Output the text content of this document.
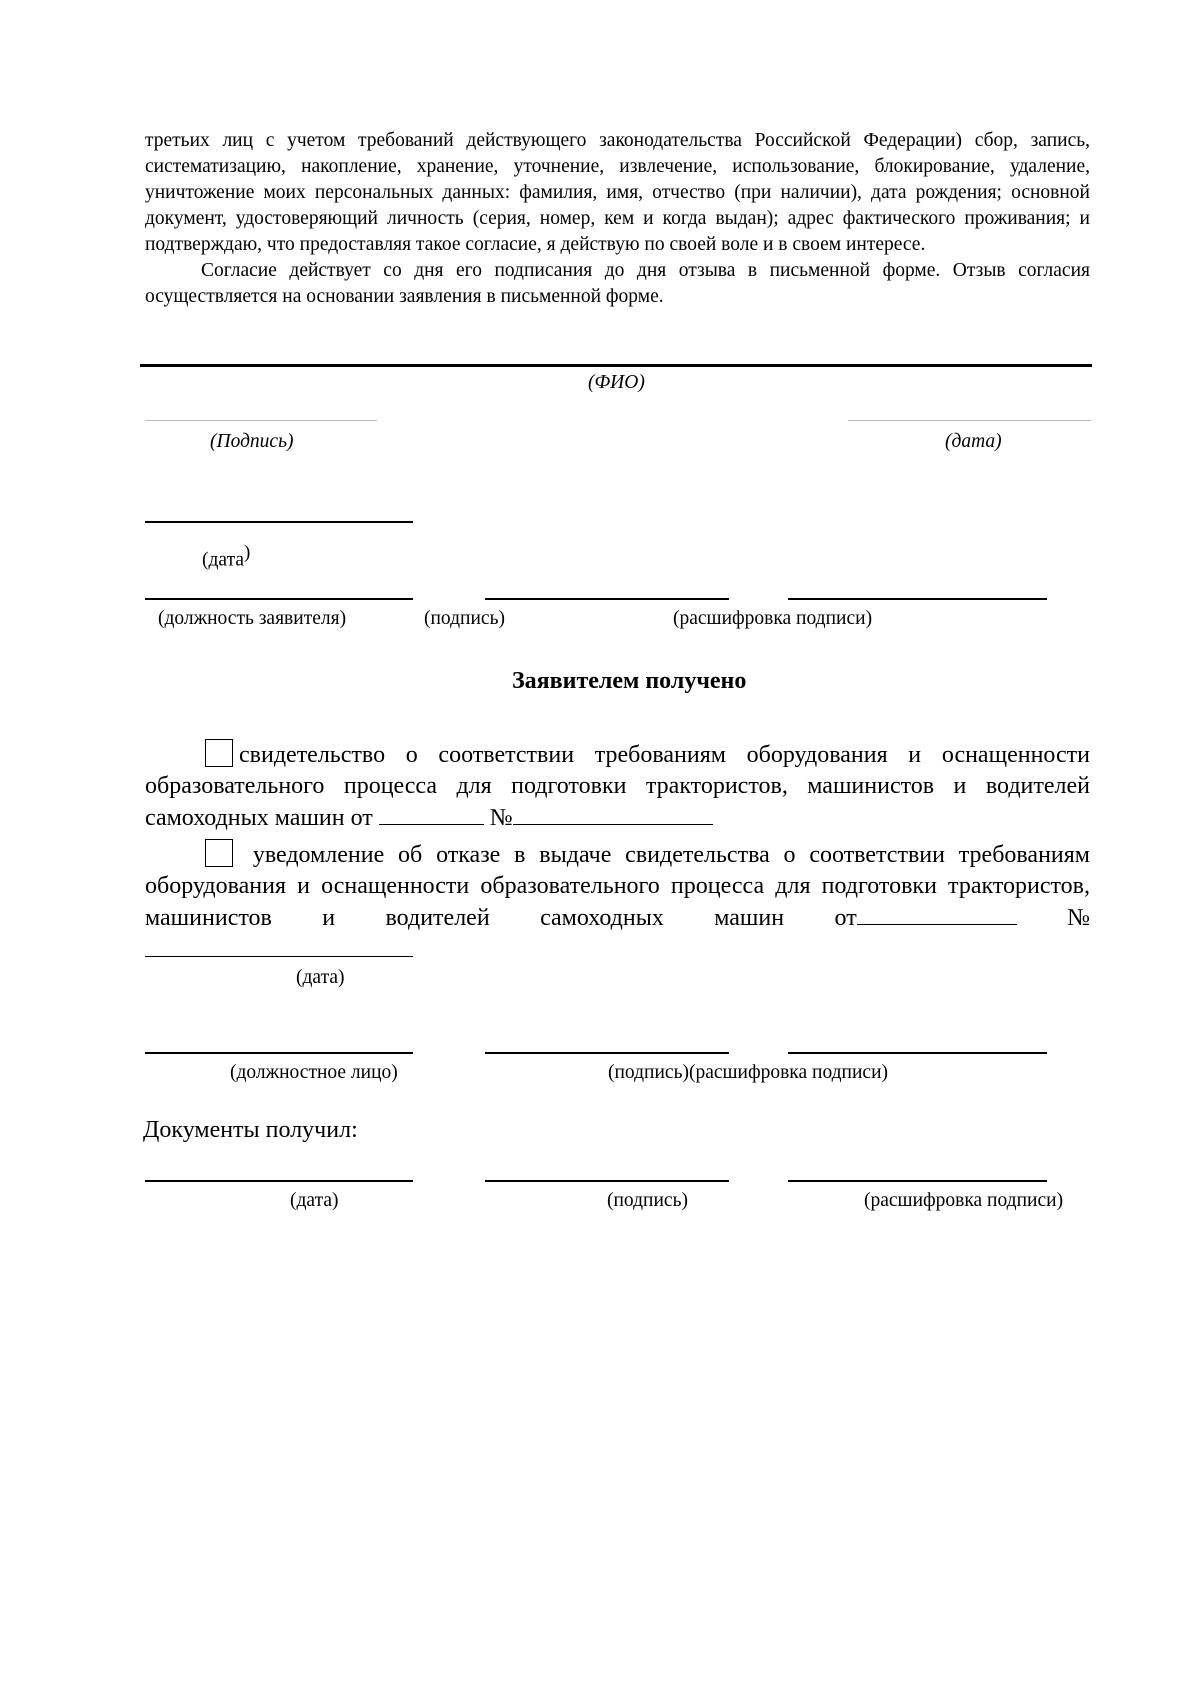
третьих лиц с учетом требований действующего законодательства Российской Федерации) сбор, запись, систематизацию, накопление, хранение, уточнение, извлечение, использование, блокирование, удаление, уничтожение моих персональных данных: фамилия, имя, отчество (при наличии), дата рождения; основной документ, удостоверяющий личность (серия, номер, кем и когда выдан); адрес фактического проживания; и подтверждаю, что предоставляя такое согласие, я действую по своей воле и в своем интересе.
Согласие действует со дня его подписания до дня отзыва в письменной форме. Отзыв согласия осуществляется на основании заявления в письменной форме.
(ФИО)
(Подпись)	(дата)
(дата)
(должность заявителя)	(подпись)	(расшифровка подписи)
Заявителем получено
свидетельство о соответствии требованиям оборудования и оснащенности образовательного процесса для подготовки трактористов, машинистов и водителей самоходных машин от	№
уведомление об отказе в выдаче свидетельства о соответствии требованиям оборудования и оснащенности образовательного процесса для подготовки трактористов, машинистов и водителей самоходных машин от	№
(дата)
(должностное лицо)	(подпись)(расшифровка подписи)
Документы получил:
(дата)	(подпись)	(расшифровка подписи)
